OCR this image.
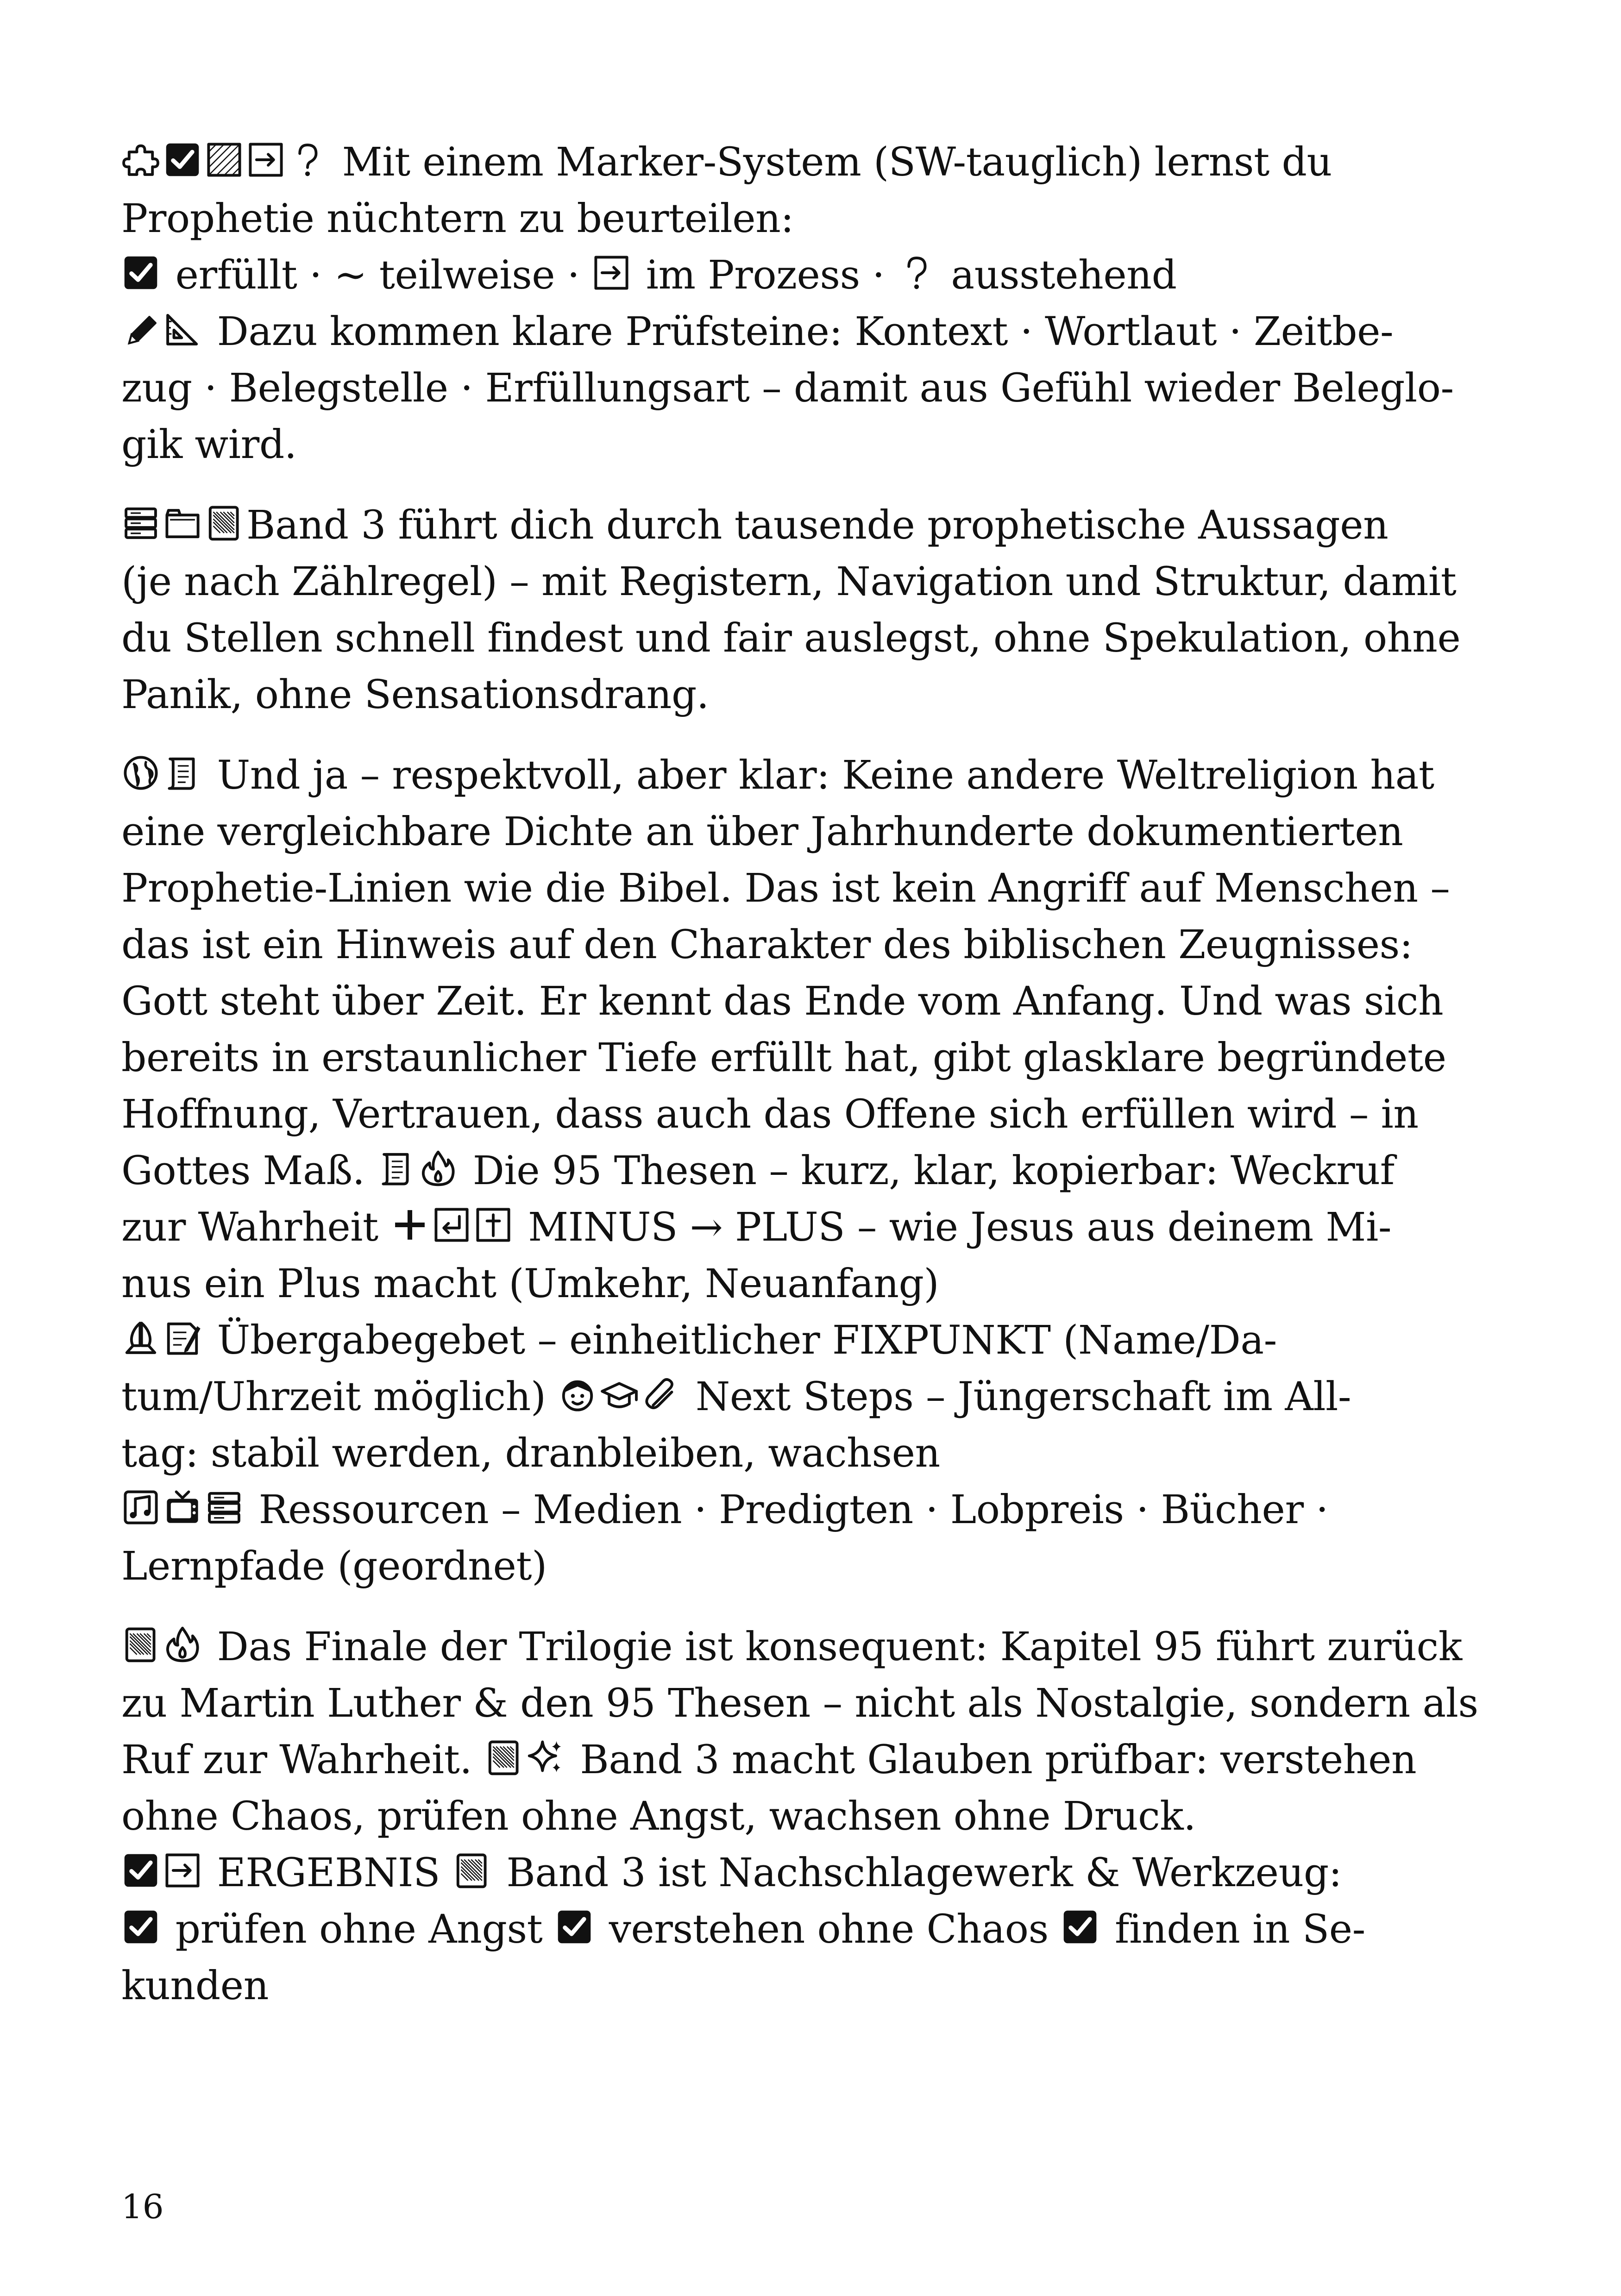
Mit einem Marker-System (SW-tauglich) lernst du
Prophetie nüchtern zu beurteilen:

erfüllt · ~ teilweise · im Prozess · ausstehend

Dazu kommen klare Prüfsteine: Kontext · Wortlaut · Zeitbe-
zug · Belegstelle · Erfüllungsart – damit aus Gefühl wieder Beleglo-
gik wird.

Band 3 führt dich durch tausende prophetische Aussagen
(je nach Zählregel) – mit Registern, Navigation und Struktur, damit
du Stellen schnell findest und fair auslegst, ohne Spekulation, ohne
Panik, ohne Sensationsdrang.

Und ja – respektvoll, aber klar: Keine andere Weltreligion hat
eine vergleichbare Dichte an über Jahrhunderte dokumentierten
Prophetie-Linien wie die Bibel. Das ist kein Angriff auf Menschen –
das ist ein Hinweis auf den Charakter des biblischen Zeugnisses:
Gott steht über Zeit. Er kennt das Ende vom Anfang. Und was sich
bereits in erstaunlicher Tiefe erfüllt hat, gibt glasklare begründete
Hoffnung, Vertrauen, dass auch das Offene sich erfüllen wird – in
Gottes Maß.	Die 95 Thesen – kurz, klar, kopierbar: Weckruf
zur Wahrheit	MINUS → PLUS – wie Jesus aus deinem Mi-
nus ein Plus macht (Umkehr, Neuanfang)

Übergabegebet – einheitlicher FIXPUNKT (Name/Da-
tum/Uhrzeit möglich)	Next Steps – Jüngerschaft im All-
tag: stabil werden, dranbleiben, wachsen

Ressourcen – Medien · Predigten · Lobpreis · Bücher ·
Lernpfade (geordnet)

Das Finale der Trilogie ist konsequent: Kapitel 95 führt zurück
zu Martin Luther & den 95 Thesen – nicht als Nostalgie, sondern als
Ruf zur Wahrheit.	Band 3 macht Glauben prüfbar: verstehen
ohne Chaos, prüfen ohne Angst, wachsen ohne Druck.

ERGEBNIS Band 3 ist Nachschlagewerk & Werkzeug:

prüfen ohne Angst verstehen ohne Chaos finden in Se-
kunden

16
